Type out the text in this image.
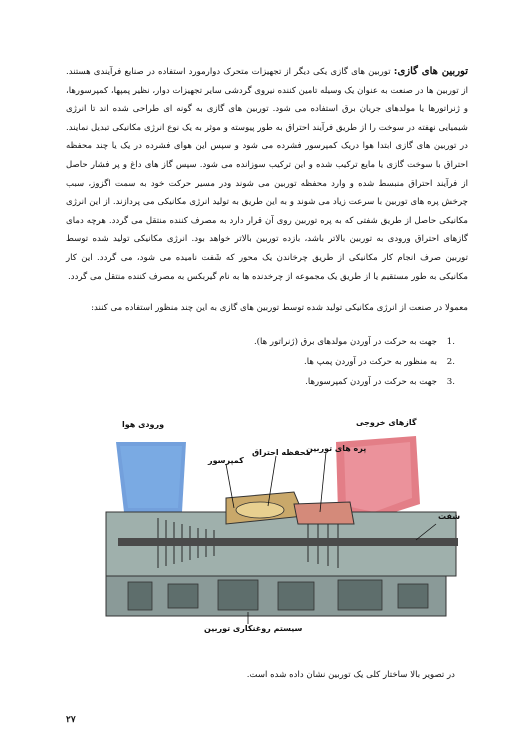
توربین های گازی: توربین های گازی یکی دیگر از تجهیزات متحرک دوارمورد استفاده در صنایع فرآیندی هستند. از توربین ها در صنعت به عنوان یک وسیله تامین کننده نیروی گردشی سایر تجهیزات دوار، نظیر پمپها، کمپرسورها، و ژنراتورها یا مولدهای جریان برق استفاده می شود. توربین های گازی به گونه ای طراحی شده اند تا انرژی شیمیایی نهفته در سوخت را از طریق فرآیند احتراق به طور پیوسته و موثر به یک نوع انرژی مکانیکی تبدیل نمایند. در توربین های گازی ابتدا هوا دریک کمپرسور فشرده می شود و سپس این هوای فشرده در یک یا چند محفظه احتراق با سوخت گازی یا مایع ترکیب شده و این ترکیب سوزانده می شود. سپس گاز های داغ و پر فشار حاصل از فرآیند احتراق منبسط شده و وارد محفظه توربین می شوند ودر مسیر حرکت خود به سمت اگزوز، سبب چرخش پره های توربین با سرعت زیاد می شوند و به این طریق به تولید انرژی مکانیکی می پردازند. از این انرژی مکانیکی حاصل از طریق شفتی که به پره توربین روی آن قرار دارد به مصرف کننده منتقل می گردد. هرچه دمای گازهای احتراق ورودی به توربین بالاتر باشد، بازده توربین بالاتر خواهد بود. انرژی مکانیکی تولید شده توسط توربین صرف انجام کار مکانیکی از طریق چرخاندن یک محور که شَفت نامیده می شود، می گردد. این کار مکانیکی به طور مستقیم یا از طریق یک مجموعه از چرخدنده ها به نام گیربکس به مصرف کننده منتقل می گردد.

معمولا در صنعت از انرژی مکانیکی تولید شده توسط توربین های گازی به این چند منظور استفاده می کنند:

.1جهت به حرکت در آوردن مولدهای برق (ژنراتور ها).
.2به منظور به حرکت در آوردن پمپ ها.
.3جهت به حرکت در آوردن کمپرسورها.
ورودی هوا	گازهای خروجی
کمپرسور
محفظه احتراق
پره های توربین
شفت
سیستم روغنکاری توربین

در تصویر بالا ساختار کلی یک توربین نشان داده شده است.

۲۷
